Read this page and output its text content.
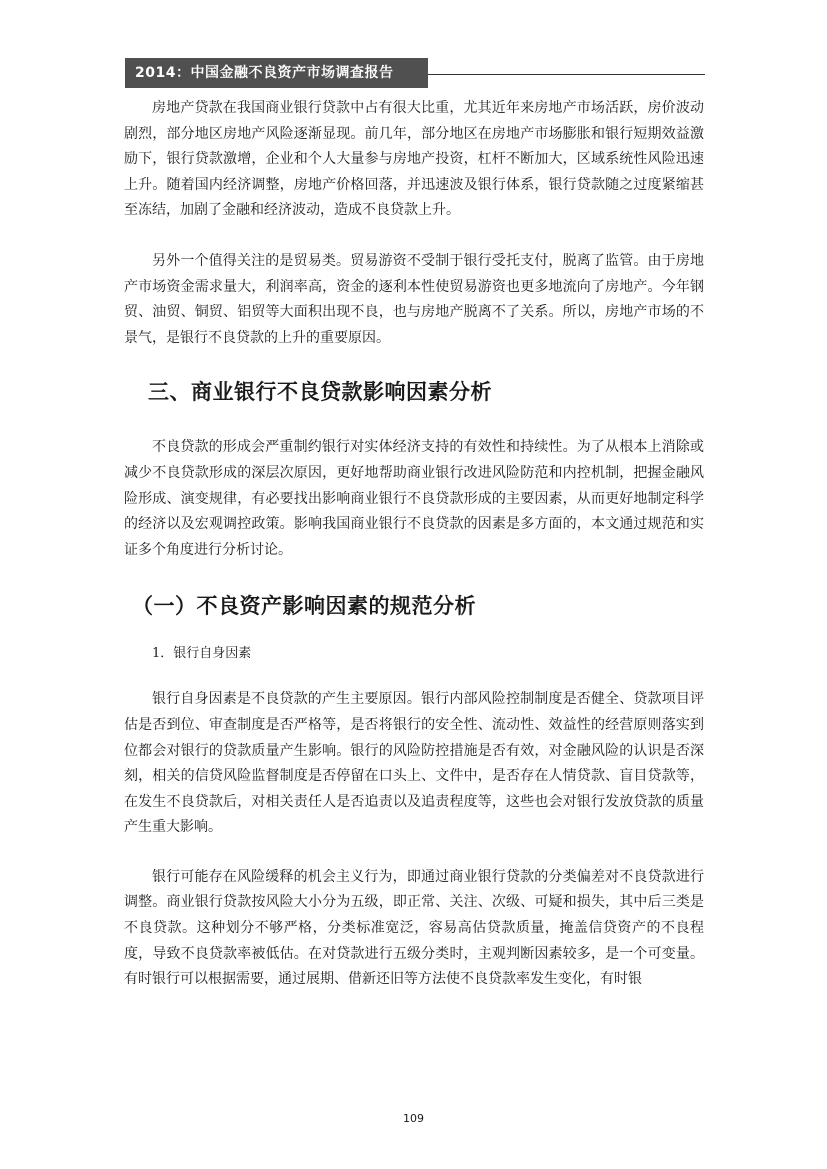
2014：中国金融不良资产市场调查报告

房地产贷款在我国商业银行贷款中占有很大比重，尤其近年来房地产市场活跃，房价波动剧烈，部分地区房地产风险逐渐显现。前几年，部分地区在房地产市场膨胀和银行短期效益激励下，银行贷款激增，企业和个人大量参与房地产投资，杠杆不断加大，区域系统性风险迅速上升。随着国内经济调整，房地产价格回落，并迅速波及银行体系，银行贷款随之过度紧缩甚至冻结，加剧了金融和经济波动，造成不良贷款上升。

另外一个值得关注的是贸易类。贸易游资不受制于银行受托支付，脱离了监管。由于房地产市场资金需求量大，利润率高，资金的逐利本性使贸易游资也更多地流向了房地产。今年钢贸、油贸、铜贸、铝贸等大面积出现不良，也与房地产脱离不了关系。所以，房地产市场的不景气，是银行不良贷款的上升的重要原因。

三、商业银行不良贷款影响因素分析

不良贷款的形成会严重制约银行对实体经济支持的有效性和持续性。为了从根本上消除或减少不良贷款形成的深层次原因，更好地帮助商业银行改进风险防范和内控机制，把握金融风险形成、演变规律，有必要找出影响商业银行不良贷款形成的主要因素，从而更好地制定科学的经济以及宏观调控政策。影响我国商业银行不良贷款的因素是多方面的，本文通过规范和实证多个角度进行分析讨论。

（一）不良资产影响因素的规范分析

1．银行自身因素

银行自身因素是不良贷款的产生主要原因。银行内部风险控制制度是否健全、贷款项目评估是否到位、审查制度是否严格等，是否将银行的安全性、流动性、效益性的经营原则落实到位都会对银行的贷款质量产生影响。银行的风险防控措施是否有效，对金融风险的认识是否深刻，相关的信贷风险监督制度是否停留在口头上、文件中，是否存在人情贷款、盲目贷款等，在发生不良贷款后，对相关责任人是否追责以及追责程度等，这些也会对银行发放贷款的质量产生重大影响。

银行可能存在风险缓释的机会主义行为，即通过商业银行贷款的分类偏差对不良贷款进行调整。商业银行贷款按风险大小分为五级，即正常、关注、次级、可疑和损失，其中后三类是不良贷款。这种划分不够严格，分类标准宽泛，容易高估贷款质量，掩盖信贷资产的不良程度，导致不良贷款率被低估。在对贷款进行五级分类时，主观判断因素较多，是一个可变量。有时银行可以根据需要，通过展期、借新还旧等方法使不良贷款率发生变化，有时银

109
